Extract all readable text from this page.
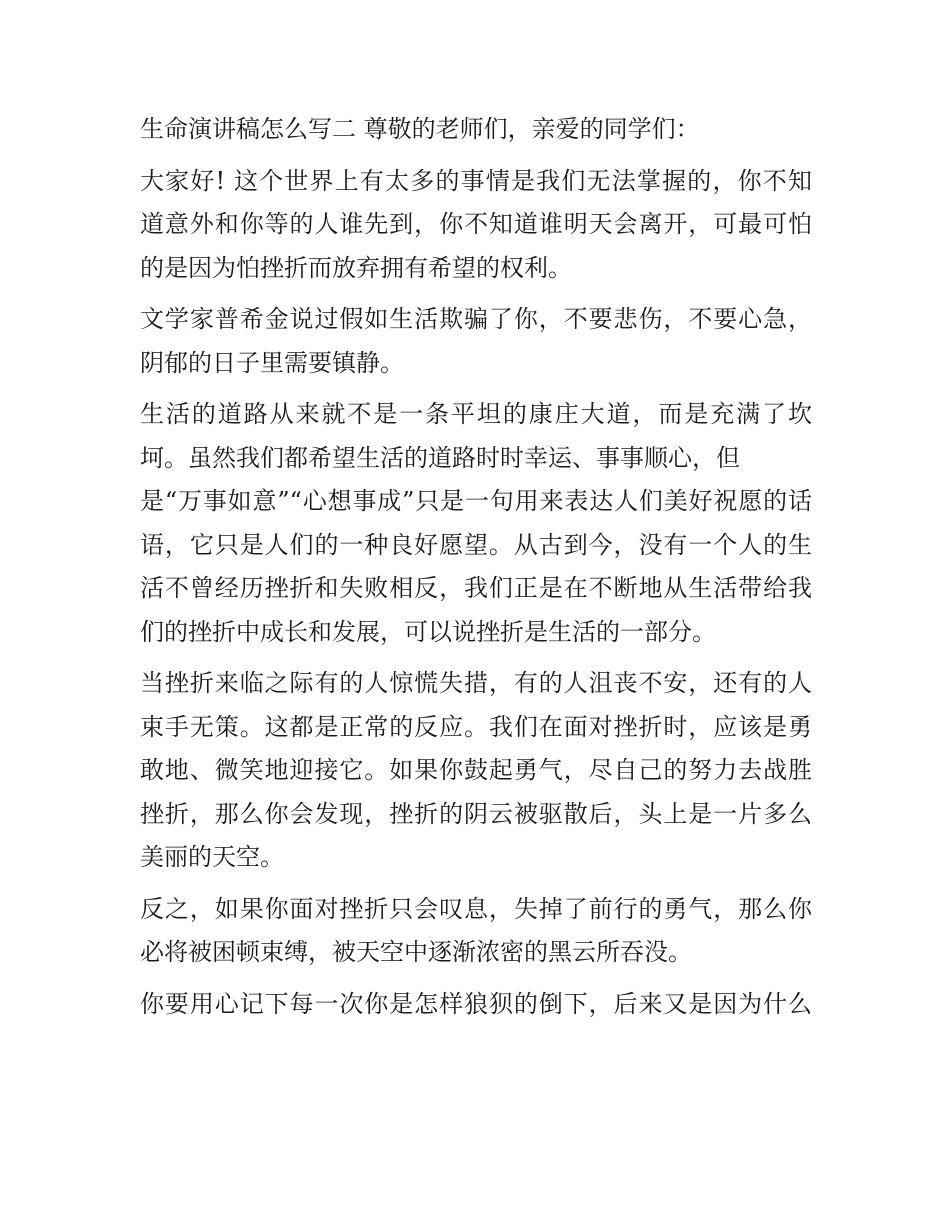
生命演讲稿怎么写二 尊敬的老师们，亲爱的同学们：

大家好! 这个世界上有太多的事情是我们无法掌握的，你不知

道意外和你等的人谁先到，你不知道谁明天会离开，可最可怕

的是因为怕挫折而放弃拥有希望的权利。

文学家普希金说过假如生活欺骗了你，不要悲伤，不要心急，

阴郁的日子里需要镇静。

生活的道路从来就不是一条平坦的康庄大道，而是充满了坎

坷。虽然我们都希望生活的道路时时幸运、事事顺心，但

是“万事如意”“心想事成”只是一句用来表达人们美好祝愿的话

语，它只是人们的一种良好愿望。从古到今，没有一个人的生

活不曾经历挫折和失败相反，我们正是在不断地从生活带给我

们的挫折中成长和发展，可以说挫折是生活的一部分。

当挫折来临之际有的人惊慌失措，有的人沮丧不安，还有的人

束手无策。这都是正常的反应。我们在面对挫折时，应该是勇

敢地、微笑地迎接它。如果你鼓起勇气，尽自己的努力去战胜

挫折，那么你会发现，挫折的阴云被驱散后，头上是一片多么

美丽的天空。

反之，如果你面对挫折只会叹息，失掉了前行的勇气，那么你

必将被困顿束缚，被天空中逐渐浓密的黑云所吞没。

你要用心记下每一次你是怎样狼狈的倒下，后来又是因为什么
